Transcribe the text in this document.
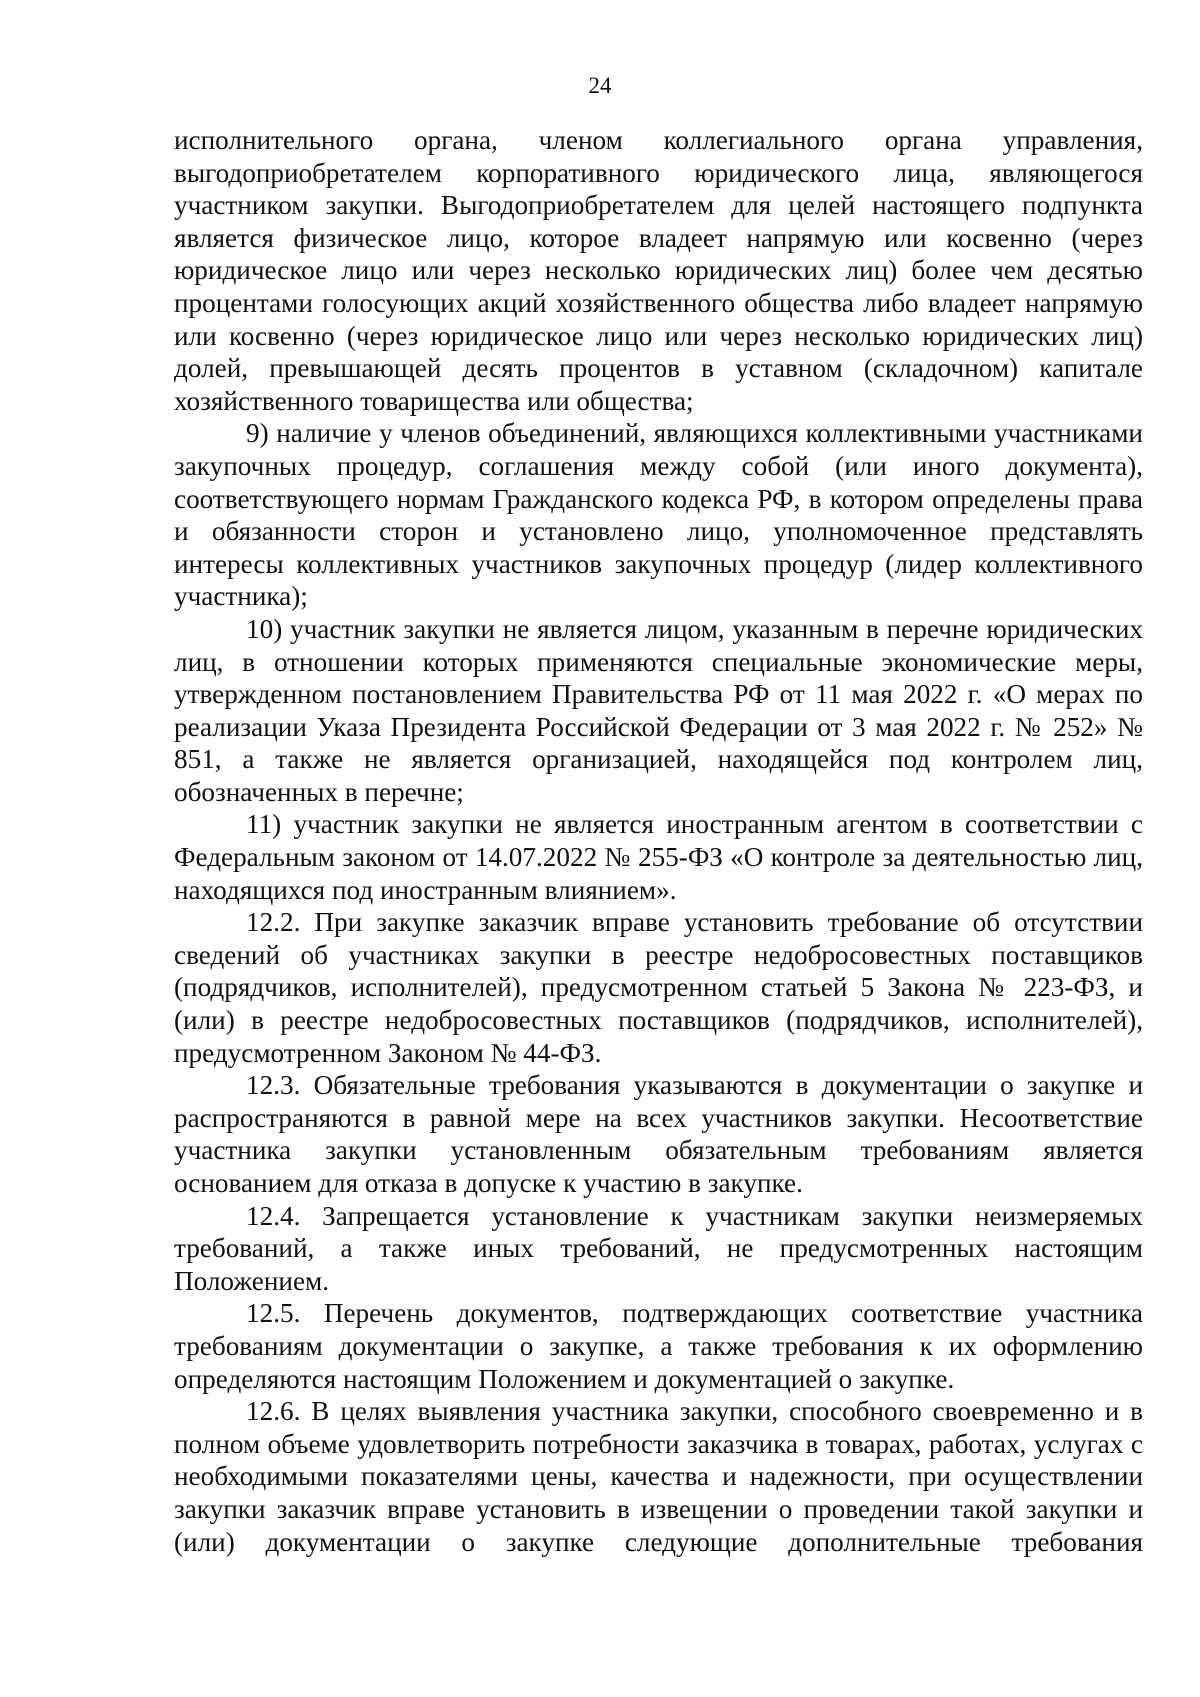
24

исполнительного органа, членом коллегиального органа управления, выгодоприобретателем корпоративного юридического лица, являющегося участником закупки. Выгодоприобретателем для целей настоящего подпункта является физическое лицо, которое владеет напрямую или косвенно (через юридическое лицо или через несколько юридических лиц) более чем десятью процентами голосующих акций хозяйственного общества либо владеет напрямую или косвенно (через юридическое лицо или через несколько юридических лиц) долей, превышающей десять процентов в уставном (складочном) капитале хозяйственного товарищества или общества;

9) наличие у членов объединений, являющихся коллективными участниками закупочных процедур, соглашения между собой (или иного документа), соответствующего нормам Гражданского кодекса РФ, в котором определены права и обязанности сторон и установлено лицо, уполномоченное представлять интересы коллективных участников закупочных процедур (лидер коллективного участника);

10) участник закупки не является лицом, указанным в перечне юридических лиц, в отношении которых применяются специальные экономические меры, утвержденном постановлением Правительства РФ от 11 мая 2022 г. «О мерах по реализации Указа Президента Российской Федерации от 3 мая 2022 г. № 252» № 851, а также не является организацией, находящейся под контролем лиц, обозначенных в перечне;

11) участник закупки не является иностранным агентом в соответствии с Федеральным законом от 14.07.2022 № 255-ФЗ «О контроле за деятельностью лиц, находящихся под иностранным влиянием».

12.2. При закупке заказчик вправе установить требование об отсутствии сведений об участниках закупки в реестре недобросовестных поставщиков (подрядчиков, исполнителей), предусмотренном статьей 5 Закона № 223-ФЗ, и (или) в реестре недобросовестных поставщиков (подрядчиков, исполнителей), предусмотренном Законом № 44-ФЗ.

12.3. Обязательные требования указываются в документации о закупке и распространяются в равной мере на всех участников закупки. Несоответствие участника закупки установленным обязательным требованиям является основанием для отказа в допуске к участию в закупке.

12.4. Запрещается установление к участникам закупки неизмеряемых требований, а также иных требований, не предусмотренных настоящим Положением.

12.5. Перечень документов, подтверждающих соответствие участника требованиям документации о закупке, а также требования к их оформлению определяются настоящим Положением и документацией о закупке.

12.6. В целях выявления участника закупки, способного своевременно и в полном объеме удовлетворить потребности заказчика в товарах, работах, услугах с необходимыми показателями цены, качества и надежности, при осуществлении закупки заказчик вправе установить в извещении о проведении такой закупки и (или) документации о закупке следующие дополнительные требования
